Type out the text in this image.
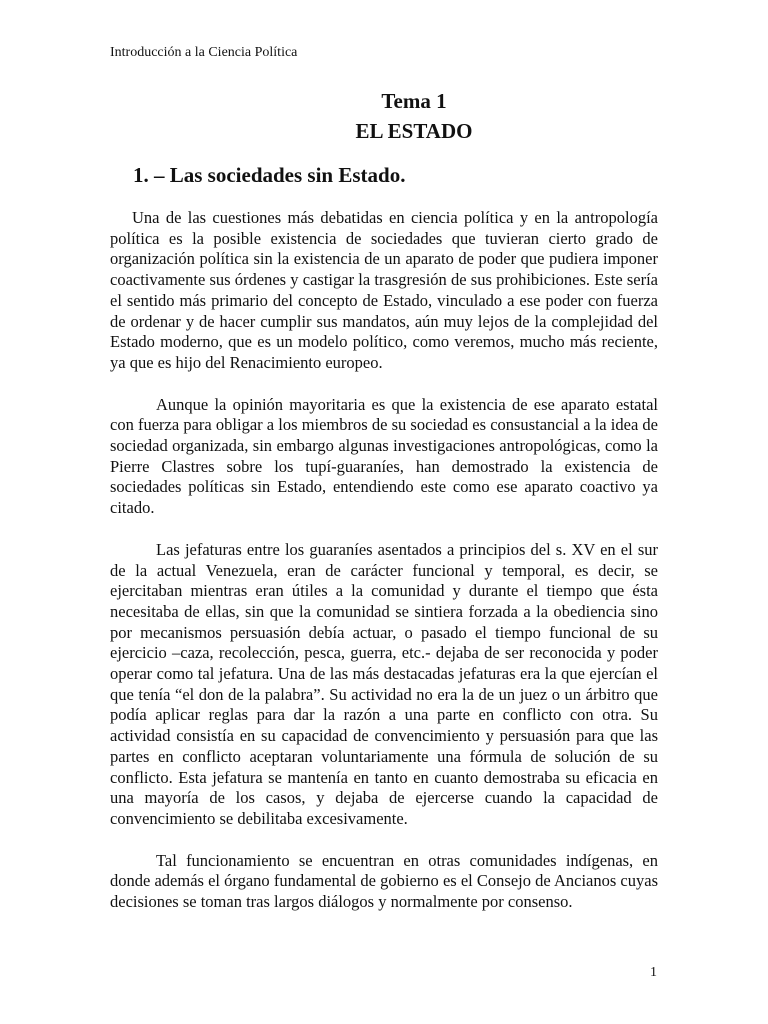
Introducción a la Ciencia Política
Tema 1
EL ESTADO
1. – Las sociedades sin Estado.

Una de las cuestiones más debatidas en ciencia política y en la antropología política es la posible existencia de sociedades que tuvieran cierto grado de organización política sin la existencia de un aparato de poder que pudiera imponer coactivamente sus órdenes y castigar la trasgresión de sus prohibiciones. Este sería el sentido más primario del concepto de Estado, vinculado a ese poder con fuerza de ordenar y de hacer cumplir sus mandatos, aún muy lejos de la complejidad del Estado moderno, que es un modelo político, como veremos, mucho más reciente, ya que es hijo del Renacimiento europeo.

Aunque la opinión mayoritaria es que la existencia de ese aparato estatal con fuerza para obligar a los miembros de su sociedad es consustancial a la idea de sociedad organizada, sin embargo algunas investigaciones antropológicas, como la Pierre Clastres sobre los tupí-guaraníes, han demostrado la existencia de sociedades políticas sin Estado, entendiendo este como ese aparato coactivo ya citado.

Las jefaturas entre los guaraníes asentados a principios del s. XV en el sur de la actual Venezuela, eran de carácter funcional y temporal, es decir, se ejercitaban mientras eran útiles a la comunidad y durante el tiempo que ésta necesitaba de ellas, sin que la comunidad se sintiera forzada a la obediencia sino por mecanismos persuasión debía actuar, o pasado el tiempo funcional de su ejercicio –caza, recolección, pesca, guerra, etc.- dejaba de ser reconocida y poder operar como tal jefatura. Una de las más destacadas jefaturas era la que ejercían el que tenía “el don de la palabra”. Su actividad no era la de un juez o un árbitro que podía aplicar reglas para dar la razón a una parte en conflicto con otra. Su actividad consistía en su capacidad de convencimiento y persuasión para que las partes en conflicto aceptaran voluntariamente una fórmula de solución de su conflicto. Esta jefatura se mantenía en tanto en cuanto demostraba su eficacia en una mayoría de los casos, y dejaba de ejercerse cuando la capacidad de convencimiento se debilitaba excesivamente.

Tal funcionamiento se encuentran en otras comunidades indígenas, en donde además el órgano fundamental de gobierno es el Consejo de Ancianos cuyas decisiones se toman tras largos diálogos y normalmente por consenso.

1
